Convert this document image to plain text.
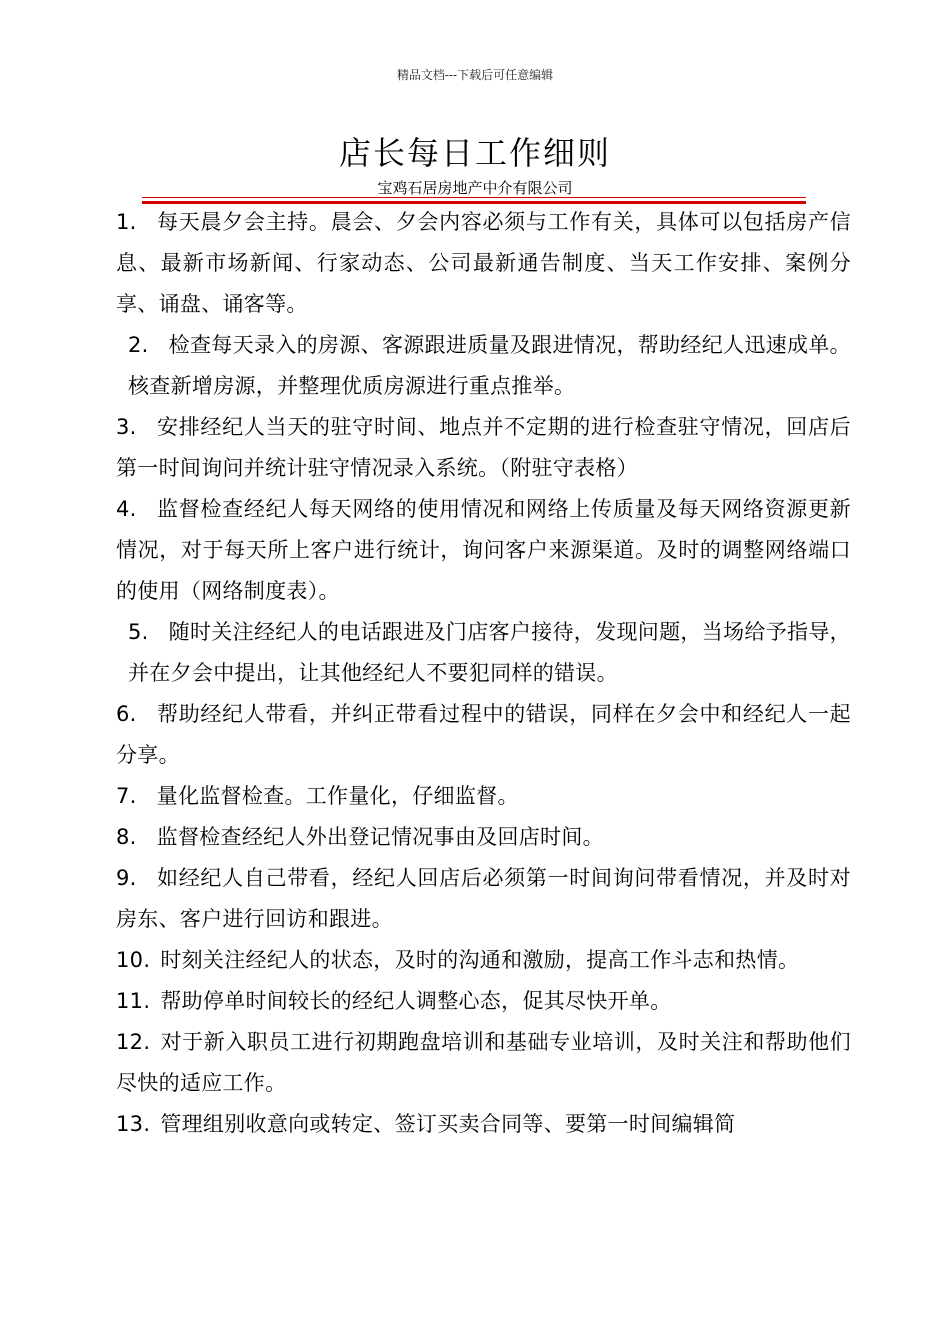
精品文档---下载后可任意编辑
店长每日工作细则
宝鸡石居房地产中介有限公司

1. 每天晨夕会主持。晨会、夕会内容必须与工作有关，具体可以包括房产信息、最新市场新闻、行家动态、公司最新通告制度、当天工作安排、案例分享、诵盘、诵客等。

2. 检查每天录入的房源、客源跟进质量及跟进情况，帮助经纪人迅速成单。核查新增房源，并整理优质房源进行重点推举。

3. 安排经纪人当天的驻守时间、地点并不定期的进行检查驻守情况，回店后第一时间询问并统计驻守情况录入系统。（附驻守表格）

4. 监督检查经纪人每天网络的使用情况和网络上传质量及每天网络资源更新情况，对于每天所上客户进行统计，询问客户来源渠道。及时的调整网络端口的使用（网络制度表）。

5. 随时关注经纪人的电话跟进及门店客户接待，发现问题，当场给予指导，并在夕会中提出，让其他经纪人不要犯同样的错误。

6. 帮助经纪人带看，并纠正带看过程中的错误，同样在夕会中和经纪人一起分享。

7. 量化监督检查。工作量化，仔细监督。

8. 监督检查经纪人外出登记情况事由及回店时间。

9. 如经纪人自己带看，经纪人回店后必须第一时间询问带看情况，并及时对房东、客户进行回访和跟进。

10. 时刻关注经纪人的状态，及时的沟通和激励，提高工作斗志和热情。

11. 帮助停单时间较长的经纪人调整心态，促其尽快开单。

12. 对于新入职员工进行初期跑盘培训和基础专业培训，及时关注和帮助他们尽快的适应工作。

13. 管理组别收意向或转定、签订买卖合同等、要第一时间编辑简
